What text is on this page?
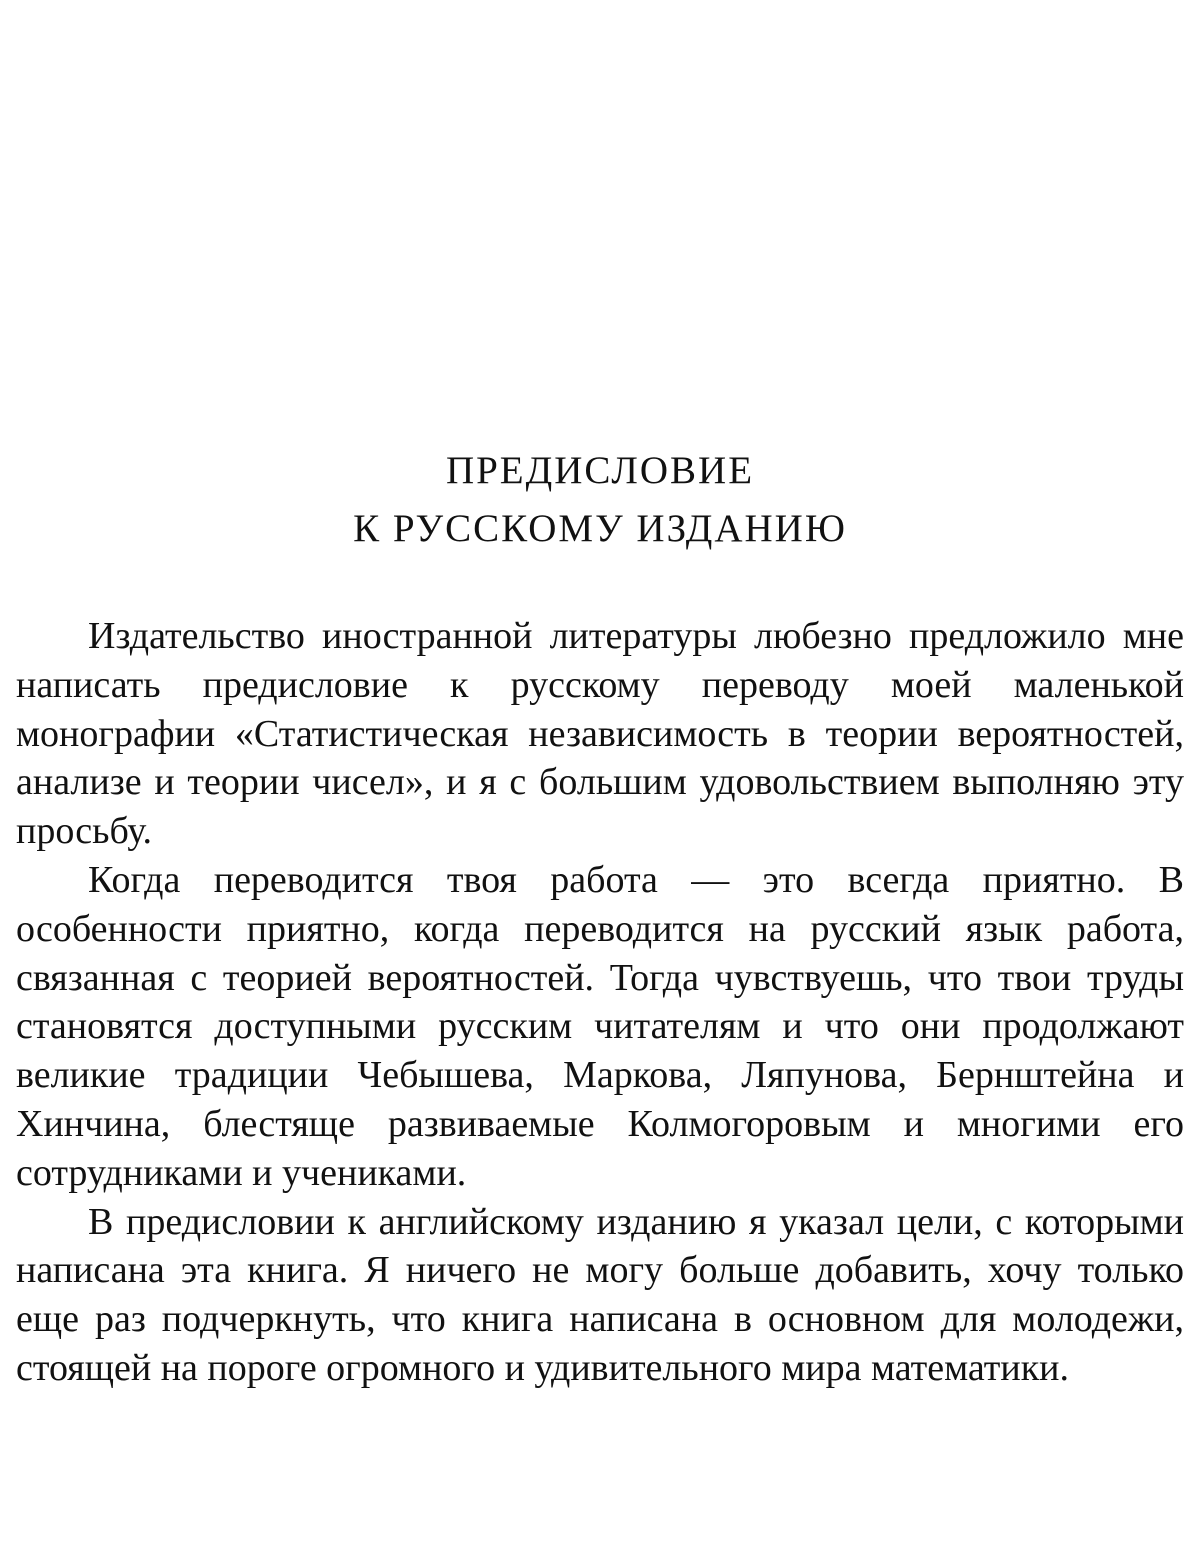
ПРЕДИСЛОВИЕ
К РУССКОМУ ИЗДАНИЮ

Издательство иностранной литературы любезно предложило мне написать предисловие к русскому переводу моей маленькой монографии «Статистическая независимость в теории вероятностей, анализе и теории чисел», и я с большим удовольствием выполняю эту просьбу.

Когда переводится твоя работа — это всегда приятно. В особенности приятно, когда переводится на русский язык работа, связанная с теорией вероятностей. Тогда чувствуешь, что твои труды становятся доступными русским читателям и что они продолжают великие традиции Чебышева, Маркова, Ляпунова, Бернштейна и Хинчина, блестяще развиваемые Колмогоровым и многими его сотрудниками и учениками.

В предисловии к английскому изданию я указал цели, с которыми написана эта книга. Я ничего не могу больше добавить, хочу только еще раз подчеркнуть, что книга написана в основном для молодежи, стоящей на пороге огромного и удивительного мира математики.
